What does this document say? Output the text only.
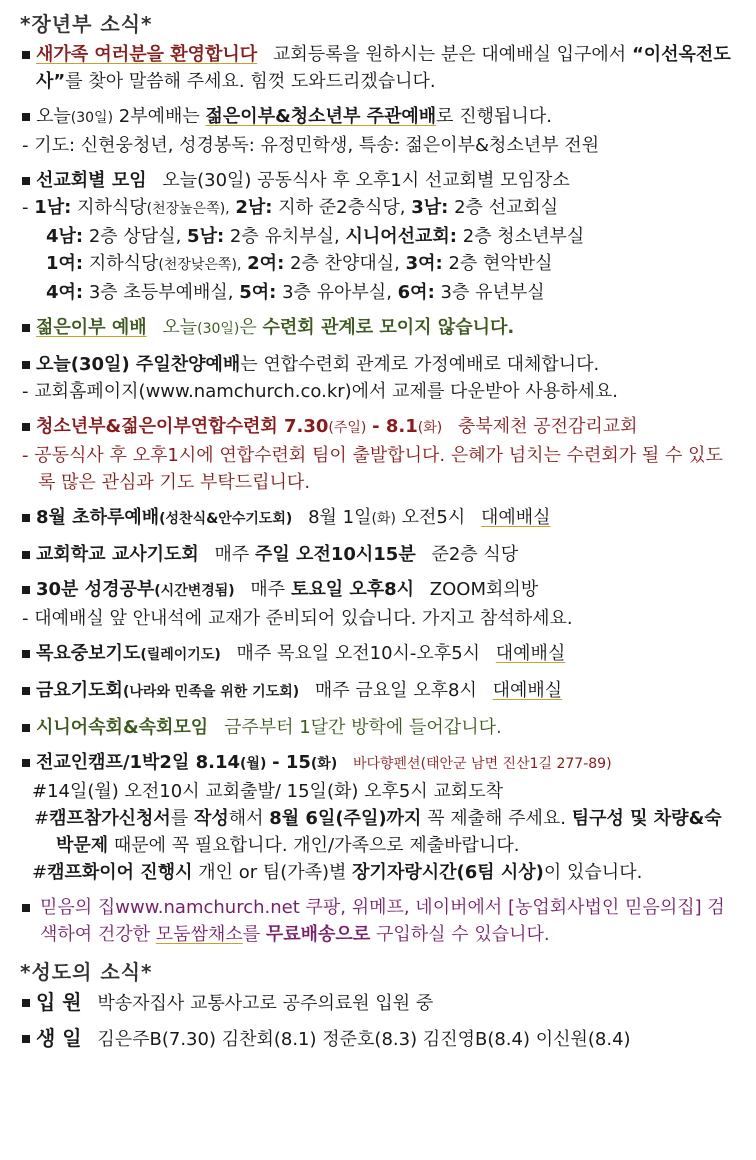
*장년부 소식*
새가족 여러분을 환영합니다 교회등록을 원하시는 분은 대예배실 입구에서 “이선옥전도사”를 찾아 말씀해 주세요. 힘껏 도와드리겠습니다.
오늘(30일) 2부예배는 젊은이부&청소년부 주관예배로 진행됩니다.
- 기도: 신현웅청년, 성경봉독: 유정민학생, 특송: 젊은이부&청소년부 전원
선교회별 모임 오늘(30일) 공동식사 후 오후1시 선교회별 모임장소
- 1남: 지하식당(천장높은쪽), 2남: 지하 준2층식당, 3남: 2층 선교회실
4남: 2층 상담실, 5남: 2층 유치부실, 시니어선교회: 2층 청소년부실
1여: 지하식당(천장낮은쪽), 2여: 2층 찬양대실, 3여: 2층 현악반실
4여: 3층 초등부예배실, 5여: 3층 유아부실, 6여: 3층 유년부실
젊은이부 예배 오늘(30일)은 수련회 관계로 모이지 않습니다.
오늘(30일) 주일찬양예배는 연합수련회 관계로 가정예배로 대체합니다.
- 교회홈페이지(www.namchurch.co.kr)에서 교제를 다운받아 사용하세요.
청소년부&젊은이부연합수련회 7.30(주일) - 8.1(화) 충북제천 공전감리교회
- 공동식사 후 오후1시에 연합수련회 팀이 출발합니다. 은혜가 넘치는 수련회가 될 수 있도록 많은 관심과 기도 부탁드립니다.
8월 초하루예배(성찬식&안수기도회) 8월 1일(화) 오전5시 대예배실
교회학교 교사기도회 매주 주일 오전10시15분 준2층 식당
30분 성경공부(시간변경됨) 매주 토요일 오후8시 ZOOM회의방
- 대예배실 앞 안내석에 교재가 준비되어 있습니다. 가지고 참석하세요.
목요중보기도(릴레이기도) 매주 목요일 오전10시-오후5시 대예배실
금요기도회(나라와 민족을 위한 기도회) 매주 금요일 오후8시 대예배실
시니어속회&속회모임 금주부터 1달간 방학에 들어갑니다.
전교인캠프/1박2일 8.14(월) - 15(화) 바다향펜션(태안군 남면 진산1길 277-89)
#14일(월) 오전10시 교회출발/ 15일(화) 오후5시 교회도착
#캠프참가신청서를 작성해서 8월 6일(주일)까지 꼭 제출해 주세요. 팀구성 및 차량&숙박문제 때문에 꼭 필요합니다. 개인/가족으로 제출바랍니다.
#캠프화이어 진행시 개인 or 팀(가족)별 장기자랑시간(6팀 시상)이 있습니다.
믿음의 집www.namchurch.net 쿠팡, 위메프, 네이버에서 [농업회사법인 믿음의집] 검색하여 건강한 모둠쌈채소를 무료배송으로 구입하실 수 있습니다.
*성도의 소식*
입 원 박송자집사 교통사고로 공주의료원 입원 중
생 일 김은주B(7.30) 김찬회(8.1) 정준호(8.3) 김진영B(8.4) 이신원(8.4)
